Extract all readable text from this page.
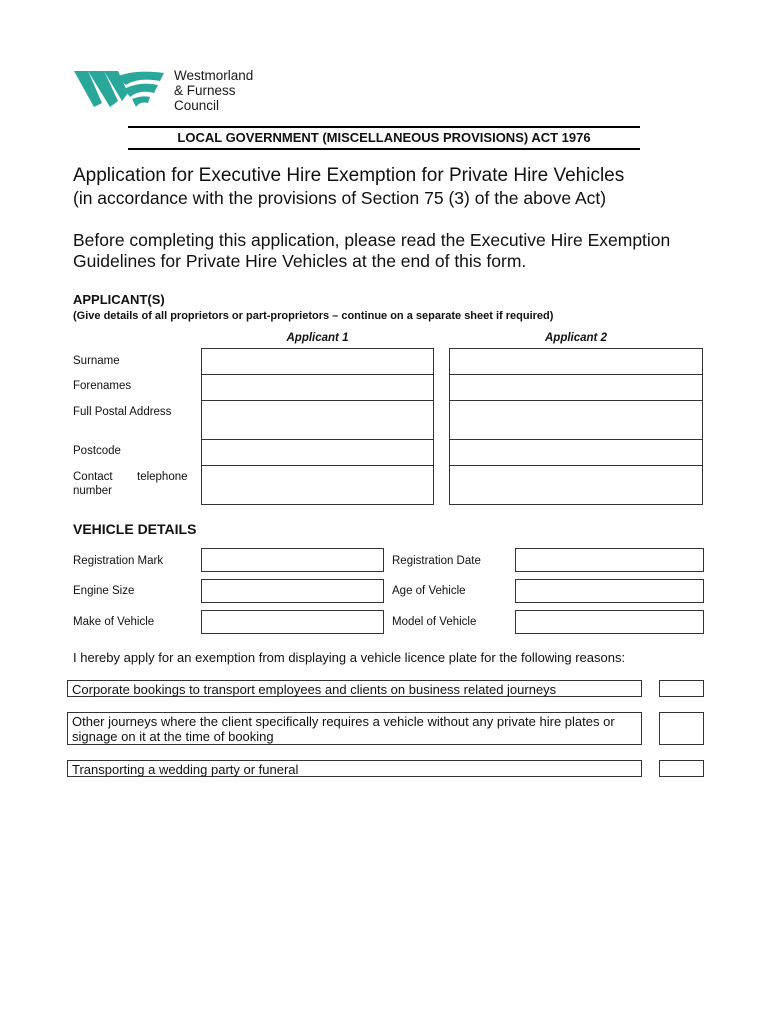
Westmorland
& Furness
Council
LOCAL GOVERNMENT (MISCELLANEOUS PROVISIONS) ACT 1976
Application for Executive Hire Exemption for Private Hire Vehicles
(in accordance with the provisions of Section 75 (3) of the above Act)
Before completing this application, please read the Executive Hire Exemption Guidelines for Private Hire Vehicles at the end of this form.
APPLICANT(S)
(Give details of all proprietors or part-proprietors – continue on a separate sheet if required)
Applicant 1	Applicant 2
Surname
Forenames
Full Postal Address
Postcode
Contact telephone
number
VEHICLE DETAILS
Registration Mark	Registration Date
Engine Size	Age of Vehicle
Make of Vehicle	Model of Vehicle
I hereby apply for an exemption from displaying a vehicle licence plate for the following reasons:
Corporate bookings to transport employees and clients on business related journeys
Other journeys where the client specifically requires a vehicle without any private hire plates or signage on it at the time of booking
Transporting a wedding party or funeral
